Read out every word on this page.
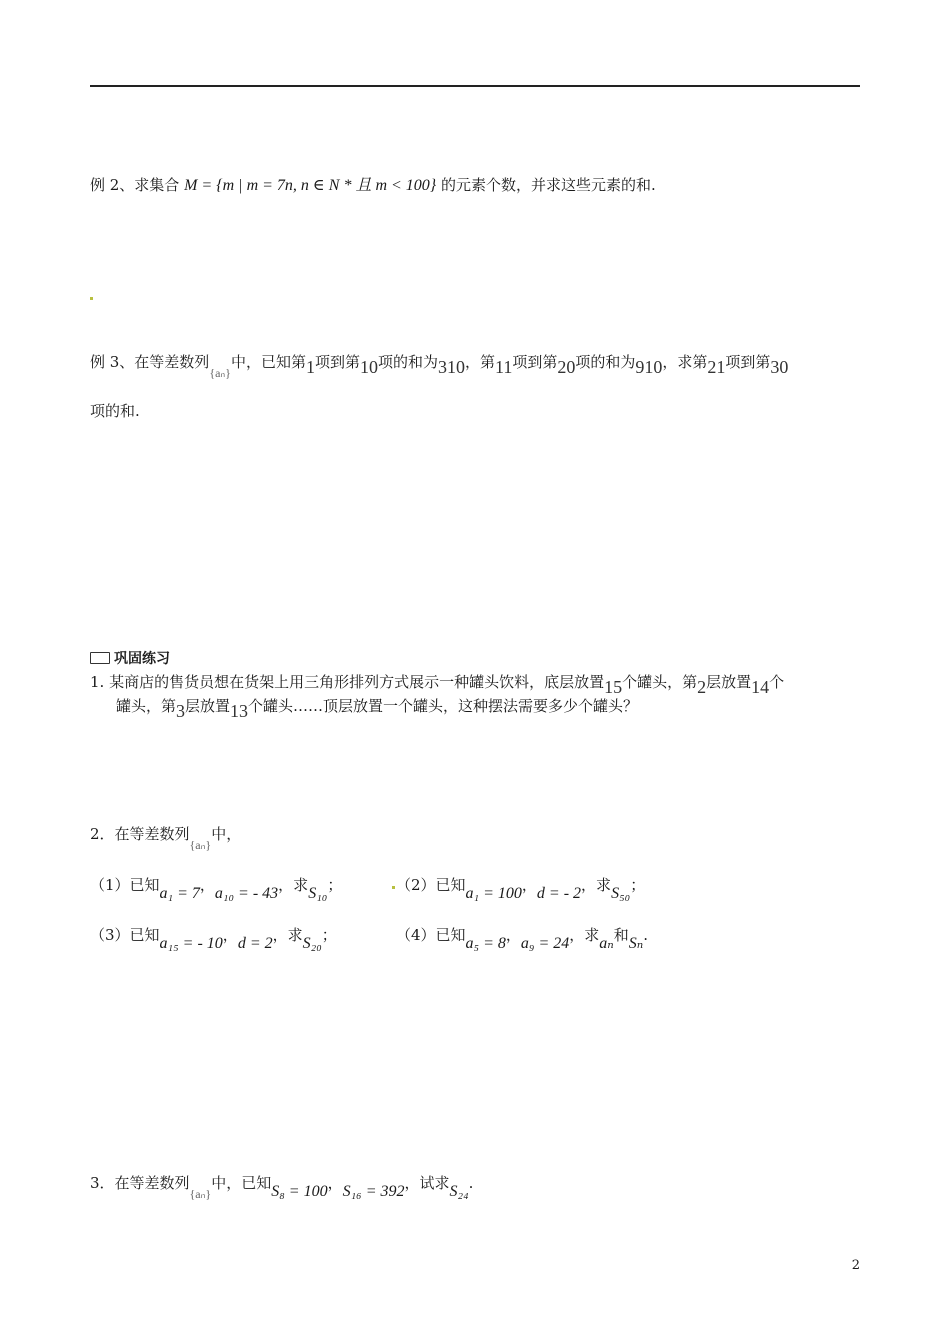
例 2、求集合 M = {m | m = 7n, n ∈ N * 且 m < 100} 的元素个数，并求这些元素的和.
例 3、在等差数列$_{\{a_n\}}$中，已知第1项到第10项的和为310，第11项到第20项的和为910，求第21项到第30
项的和.
巩固练习
1. 某商店的售货员想在货架上用三角形排列方式展示一种罐头饮料，底层放置15个罐头，第2层放置14个
罐头，第3层放置13个罐头……顶层放置一个罐头，这种摆法需要多少个罐头？
2．在等差数列$_{\{a_n\}}$中，
（1）已知a₁ = 7，a₁₀ = - 43，求S₁₀；	（2）已知a₁ = 100，d = - 2，求S₅₀；
（3）已知a₁₅ = - 10，d = 2，求S₂₀；	（4）已知a₅ = 8，a₉ = 24，求aₙ和Sₙ.
3．在等差数列$_{\{a_n\}}$中，已知S₈ = 100，S₁₆ = 392，试求S₂₄.
2
